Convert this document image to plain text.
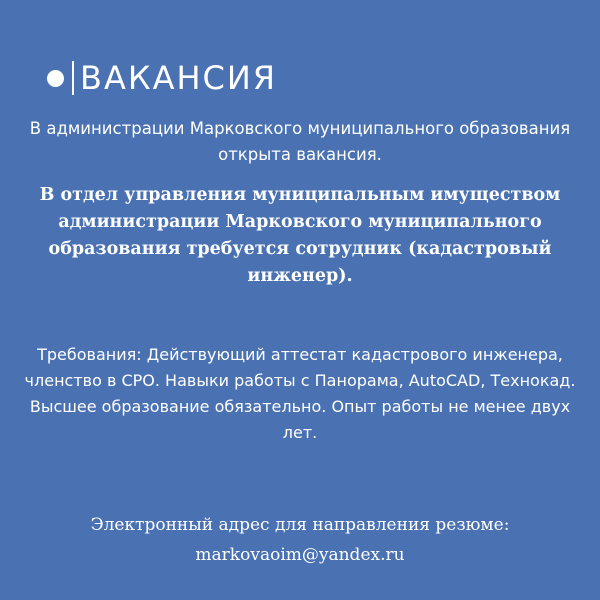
ВАКАНСИЯ
В администрации Марковского муниципального образования открыта вакансия.
В отдел управления муниципальным имуществом администрации Марковского муниципального образования требуется сотрудник (кадастровый инженер).
Требования: Действующий аттестат кадастрового инженера, членство в СРО. Навыки работы с Панорама, AutoCAD, Технокад. Высшее образование обязательно. Опыт работы не менее двух лет.
Электронный адрес для направления резюме:
markovaoim@yandex.ru
